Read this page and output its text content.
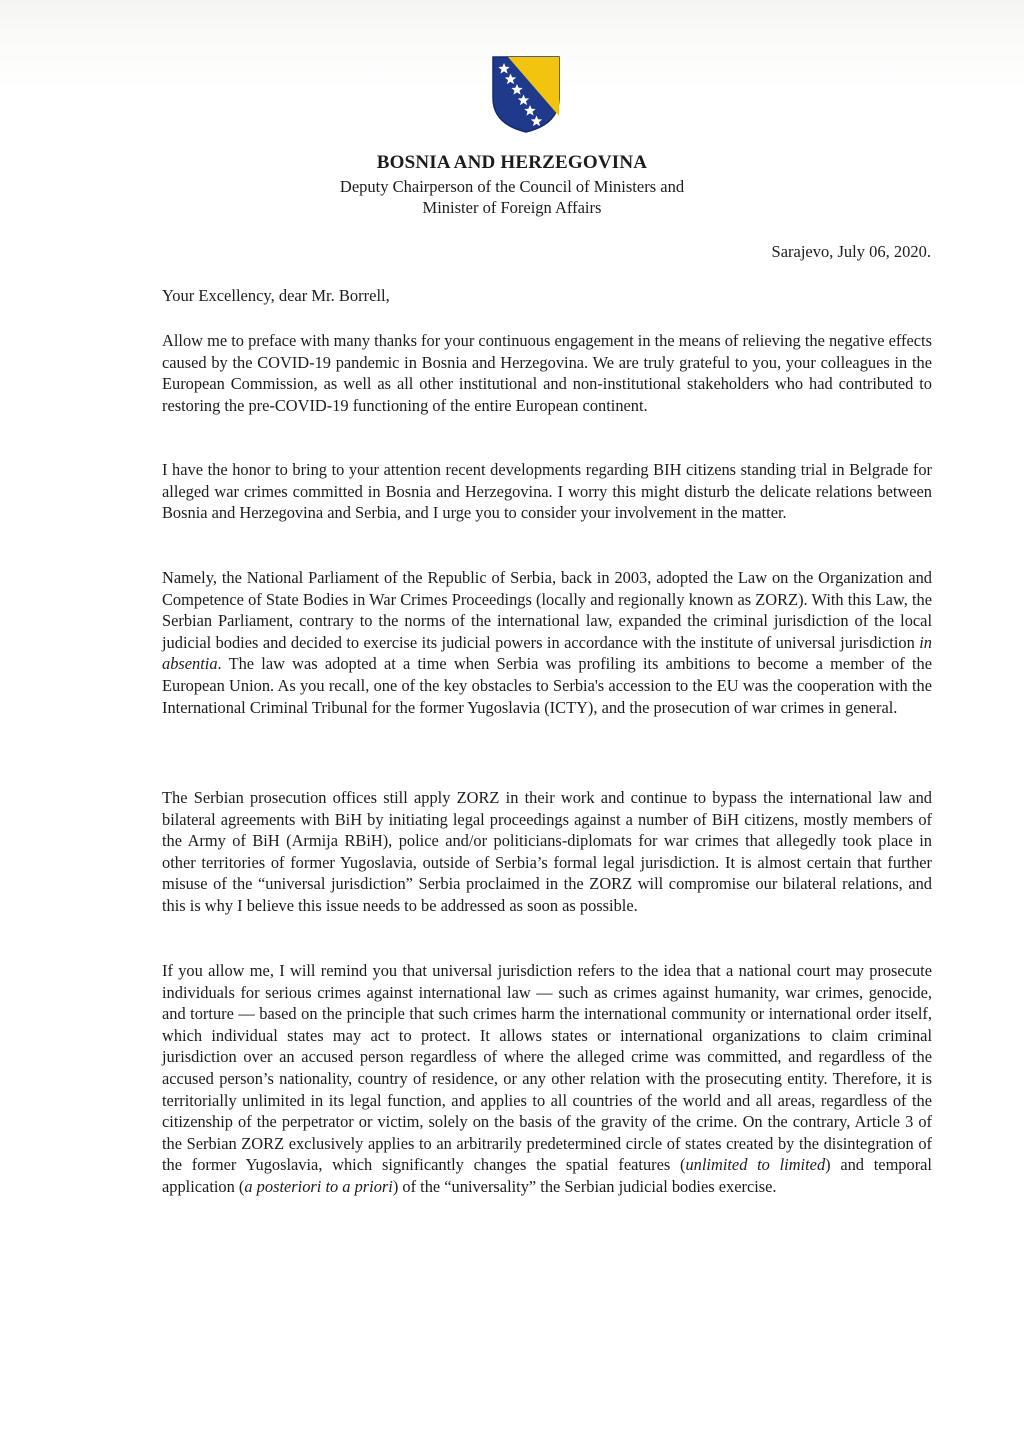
BOSNIA AND HERZEGOVINA
Deputy Chairperson of the Council of Ministers and
Minister of Foreign Affairs
Sarajevo, July 06, 2020.
Your Excellency, dear Mr. Borrell,

Allow me to preface with many thanks for your continuous engagement in the means of relieving the negative effects caused by the COVID-19 pandemic in Bosnia and Herzegovina. We are truly grateful to you, your colleagues in the European Commission, as well as all other institutional and non-institutional stakeholders who had contributed to restoring the pre-COVID-19 functioning of the entire European continent.

I have the honor to bring to your attention recent developments regarding BIH citizens standing trial in Belgrade for alleged war crimes committed in Bosnia and Herzegovina. I worry this might disturb the delicate relations between Bosnia and Herzegovina and Serbia, and I urge you to consider your involvement in the matter.

Namely, the National Parliament of the Republic of Serbia, back in 2003, adopted the Law on the Organization and Competence of State Bodies in War Crimes Proceedings (locally and regionally known as ZORZ). With this Law, the Serbian Parliament, contrary to the norms of the international law, expanded the criminal jurisdiction of the local judicial bodies and decided to exercise its judicial powers in accordance with the institute of universal jurisdiction in absentia. The law was adopted at a time when Serbia was profiling its ambitions to become a member of the European Union. As you recall, one of the key obstacles to Serbia's accession to the EU was the cooperation with the International Criminal Tribunal for the former Yugoslavia (ICTY), and the prosecution of war crimes in general.

The Serbian prosecution offices still apply ZORZ in their work and continue to bypass the international law and bilateral agreements with BiH by initiating legal proceedings against a number of BiH citizens, mostly members of the Army of BiH (Armija RBiH), police and/or politicians-diplomats for war crimes that allegedly took place in other territories of former Yugoslavia, outside of Serbia’s formal legal jurisdiction. It is almost certain that further misuse of the “universal jurisdiction” Serbia proclaimed in the ZORZ will compromise our bilateral relations, and this is why I believe this issue needs to be addressed as soon as possible.

If you allow me, I will remind you that universal jurisdiction refers to the idea that a national court may prosecute individuals for serious crimes against international law — such as crimes against humanity, war crimes, genocide, and torture — based on the principle that such crimes harm the international community or international order itself, which individual states may act to protect. It allows states or international organizations to claim criminal jurisdiction over an accused person regardless of where the alleged crime was committed, and regardless of the accused person’s nationality, country of residence, or any other relation with the prosecuting entity. Therefore, it is territorially unlimited in its legal function, and applies to all countries of the world and all areas, regardless of the citizenship of the perpetrator or victim, solely on the basis of the gravity of the crime. On the contrary, Article 3 of the Serbian ZORZ exclusively applies to an arbitrarily predetermined circle of states created by the disintegration of the former Yugoslavia, which significantly changes the spatial features (unlimited to limited) and temporal application (a posteriori to a priori) of the “universality” the Serbian judicial bodies exercise.
